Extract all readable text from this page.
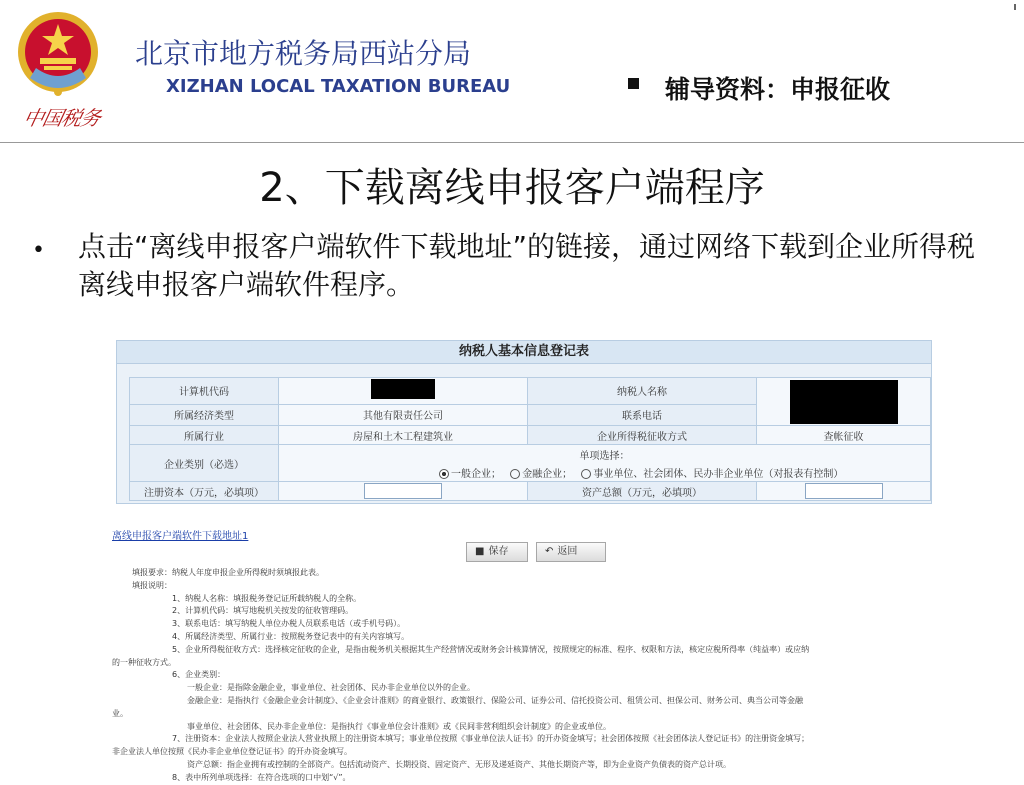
中国税务
北京市地方税务局西站分局
XIZHAN LOCAL TAXATION BUREAU	辅导资料：申报征收
2、下载离线申报客户端程序
• 点击“离线申报客户端软件下载地址”的链接，通过网络下载到企业所得税离线申报客户端软件程序。
纳税人基本信息登记表
计算机代码		纳税人名称	
所属经济类型	其他有限责任公司	联系电话	
所属行业	房屋和土木工程建筑业	企业所得税征收方式	查帐征收
企业类别（必选）	单项选择：		
	一般企业； 金融企业； 事业单位、社会团体、民办非企业单位（对报表有控制）		
注册资本（万元，必填项）		资产总额（万元，必填项）	
离线申报客户端软件下载地址1
■ 保存	↶ 返回
填报要求：纳税人年度申报企业所得税时须填报此表。
填报说明：
1、纳税人名称：填报税务登记证所载纳税人的全称。
2、计算机代码：填写地税机关按发的征收管理码。
3、联系电话：填写纳税人单位办税人员联系电话（或手机号码）。
4、所属经济类型、所属行业：按照税务登记表中的有关内容填写。
5、企业所得税征收方式：选择核定征收的企业，是指由税务机关根据其生产经营情况或财务会计核算情况，按照规定的标准、程序、权限和方法，核定应税所得率（纯益率）或应纳
的一种征收方式。
6、企业类别：
一般企业：是指除金融企业，事业单位、社会团体、民办非企业单位以外的企业。
金融企业：是指执行《金融企业会计制度》、《企业会计准则》的商业银行、政策银行、保险公司、证券公司、信托投资公司、租赁公司、担保公司、财务公司、典当公司等金融
业。
事业单位、社会团体、民办非企业单位：是指执行《事业单位会计准则》或《民间非营利组织会计制度》的企业或单位。
7、注册资本：企业法人按照企业法人营业执照上的注册资本填写；事业单位按照《事业单位法人证书》的开办资金填写；社会团体按照《社会团体法人登记证书》的注册资金填写；
非企业法人单位按照《民办非企业单位登记证书》的开办资金填写。
资产总额：指企业拥有或控制的全部资产。包括流动资产、长期投资、固定资产、无形及递延资产、其他长期资产等，即为企业资产负债表的资产总计项。
8、表中所列单项选择：在符合选项的口中划“√”。
